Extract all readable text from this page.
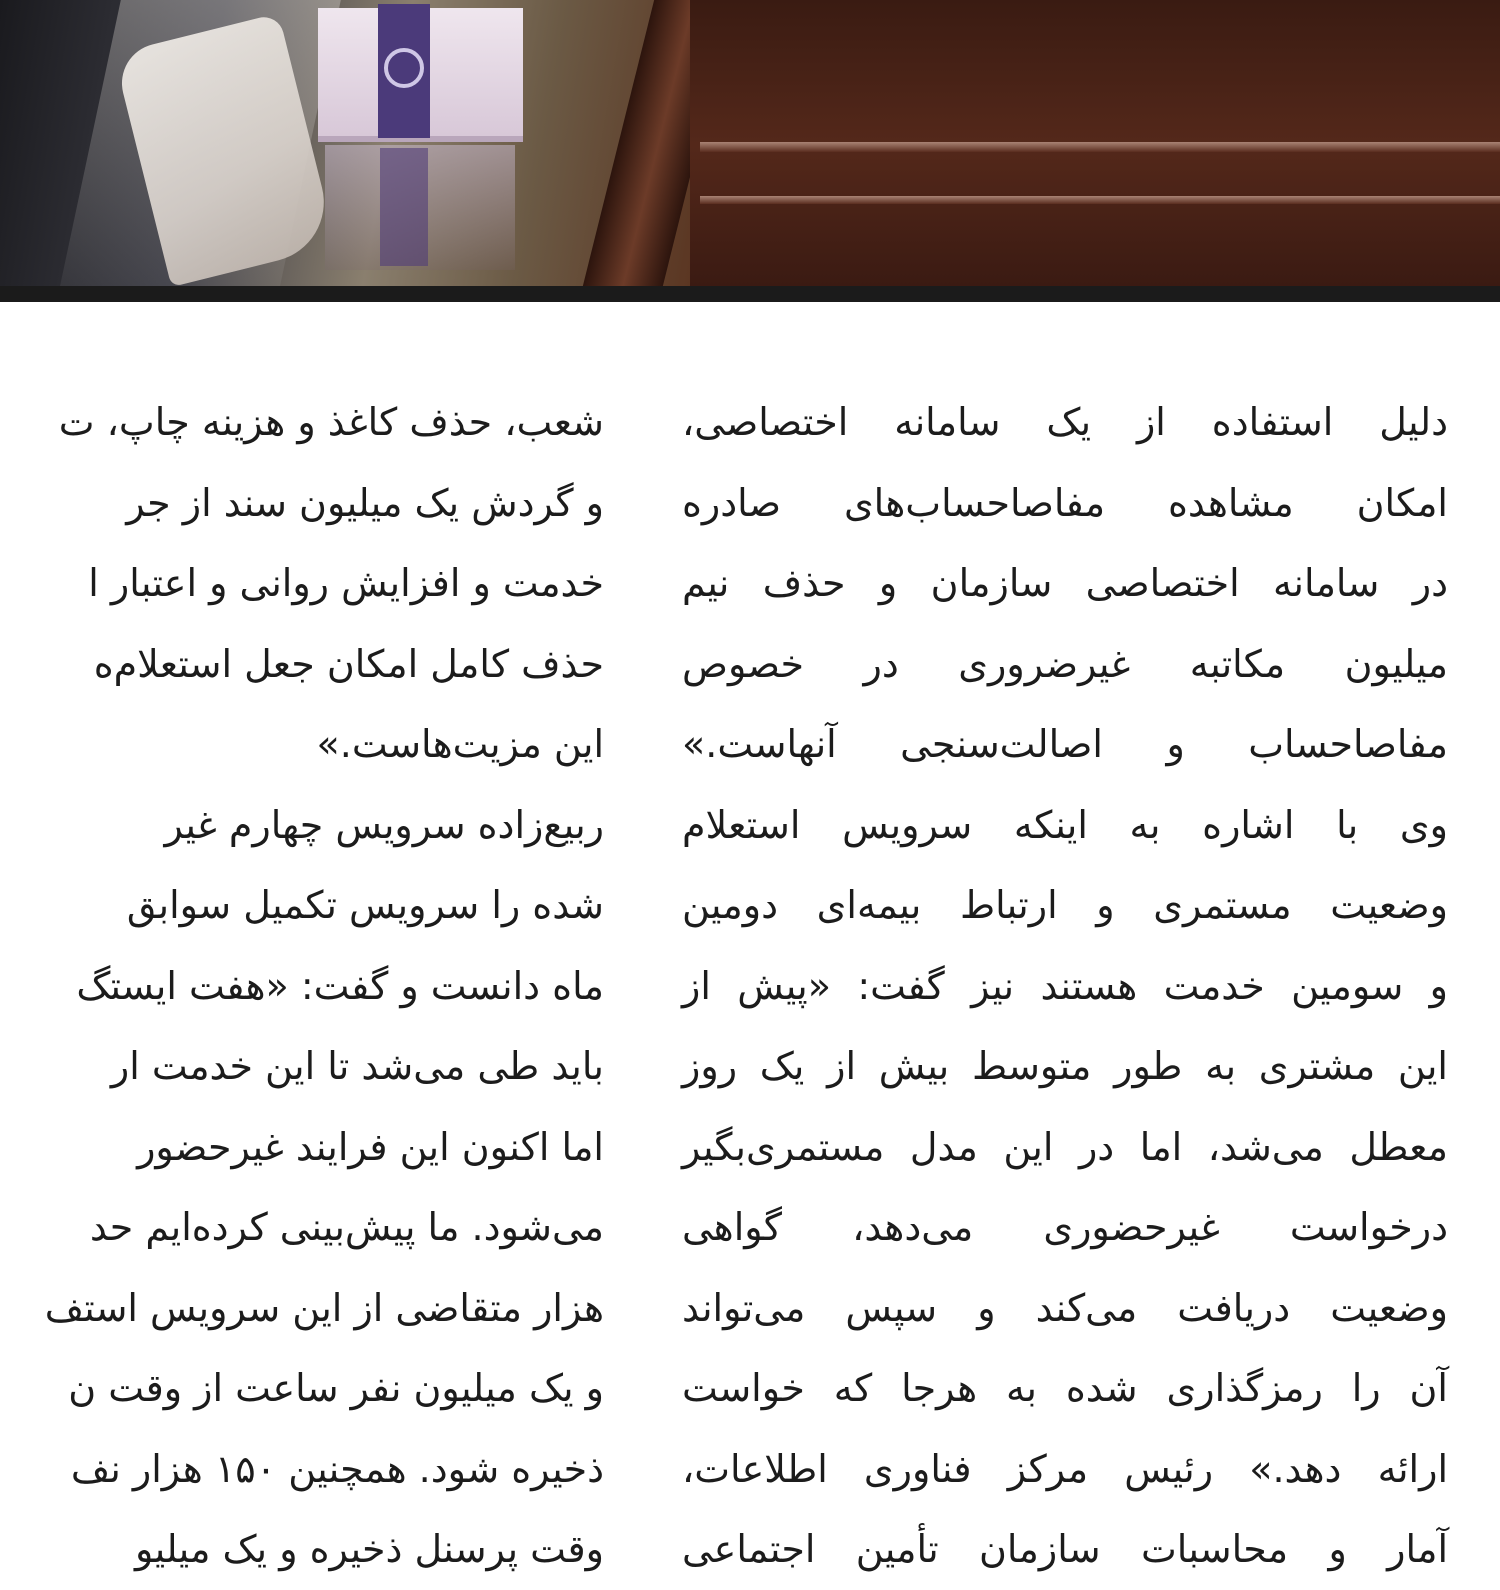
دلیل استفاده از یک سامانه اختصاصی،
امکان مشاهده مفاصاحساب‌های صادره
در سامانه اختصاصی سازمان و حذف نیم
میلیون مکاتبه غیرضروری در خصوص
مفاصاحساب و اصالت‌سنجی آنهاست.»
وی با اشاره به اینکه سرویس استعلام
وضعیت مستمری و ارتباط بیمه‌ای دومین
و سومین خدمت هستند نیز گفت: «پیش از
این مشتری به طور متوسط بیش از یک روز
معطل می‌شد، اما در این مدل مستمری‌بگیر
درخواست غیرحضوری می‌دهد، گواهی
وضعیت دریافت می‌کند و سپس می‌تواند
آن را رمزگذاری شده به هرجا که خواست
ارائه دهد.» رئیس مرکز فناوری اطلاعات،
آمار و محاسبات سازمان تأمین اجتماعی
شعب، حذف کاغذ و هزینه چاپ، ت
و گردش یک میلیون سند از جر
خدمت و افزایش روانی و اعتبار ا
حذف کامل امکان جعل استعلام‌ه
این مزیت‌هاست.»
ربیع‌زاده سرویس چهارم غیر
شده را سرویس تکمیل سوابق
ماه دانست و گفت: «هفت ایستگ
باید طی می‌شد تا این خدمت ار
اما اکنون این فرایند غیرحضور
می‌شود. ما پیش‌بینی کرده‌ایم حد
هزار متقاضی از این سرویس استف
و یک میلیون نفر ساعت از وقت ن
ذخیره شود. همچنین ۱۵۰ هزار نف
وقت پرسنل ذخیره و یک میلیو
